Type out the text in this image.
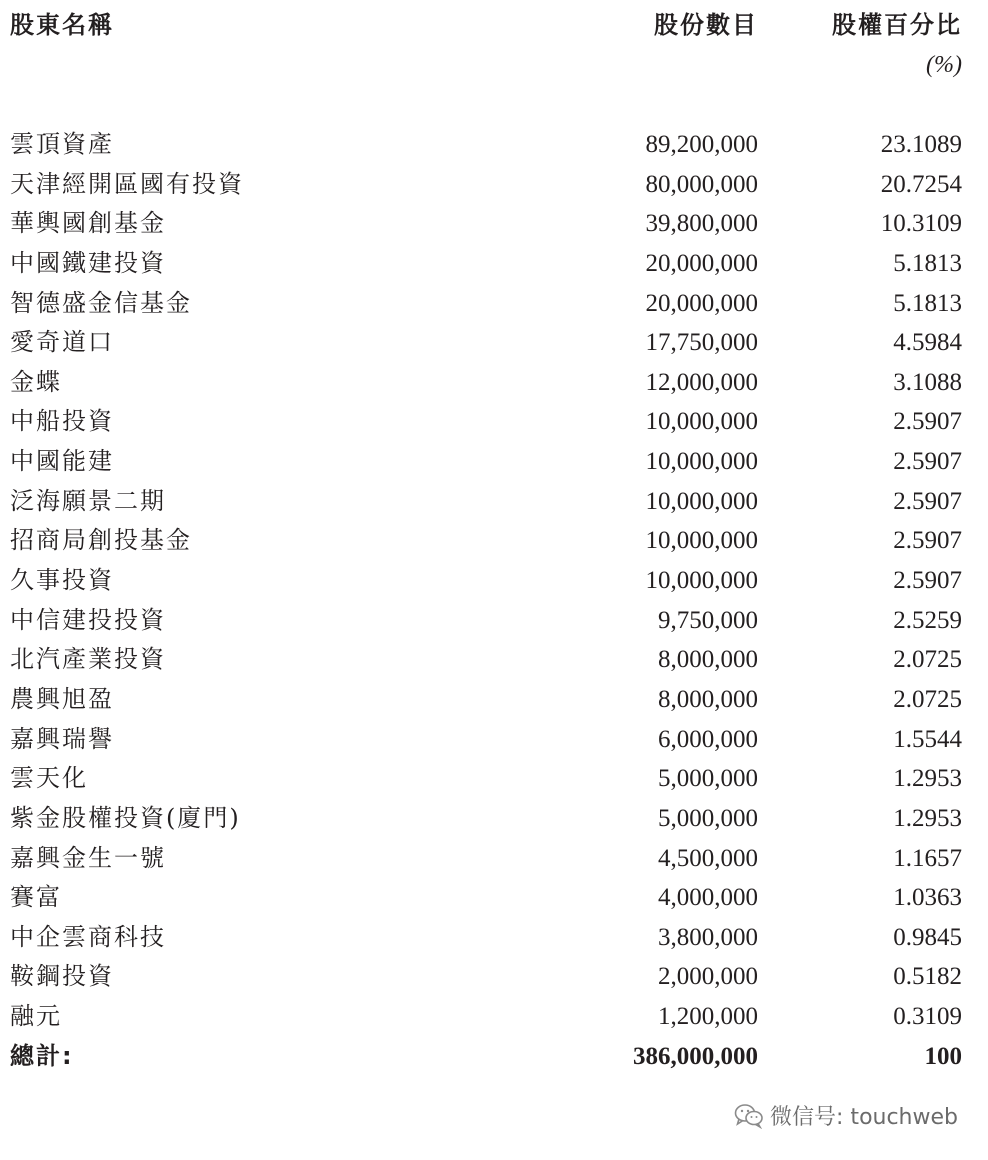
股東名稱	股份數目	股權百分比
(%)
雲頂資產	89,200,000	23.1089
天津經開區國有投資	80,000,000	20.7254
華輿國創基金	39,800,000	10.3109
中國鐵建投資	20,000,000	5.1813
智德盛金信基金	20,000,000	5.1813
愛奇道口	17,750,000	4.5984
金蝶	12,000,000	3.1088
中船投資	10,000,000	2.5907
中國能建	10,000,000	2.5907
泛海願景二期	10,000,000	2.5907
招商局創投基金	10,000,000	2.5907
久事投資	10,000,000	2.5907
中信建投投資	9,750,000	2.5259
北汽產業投資	8,000,000	2.0725
農興旭盈	8,000,000	2.0725
嘉興瑞譽	6,000,000	1.5544
雲天化	5,000,000	1.2953
紫金股權投資(廈門)	5,000,000	1.2953
嘉興金生一號	4,500,000	1.1657
賽富	4,000,000	1.0363
中企雲商科技	3,800,000	0.9845
鞍鋼投資	2,000,000	0.5182
融元	1,200,000	0.3109
總計:	386,000,000	100
微信号: touchweb
